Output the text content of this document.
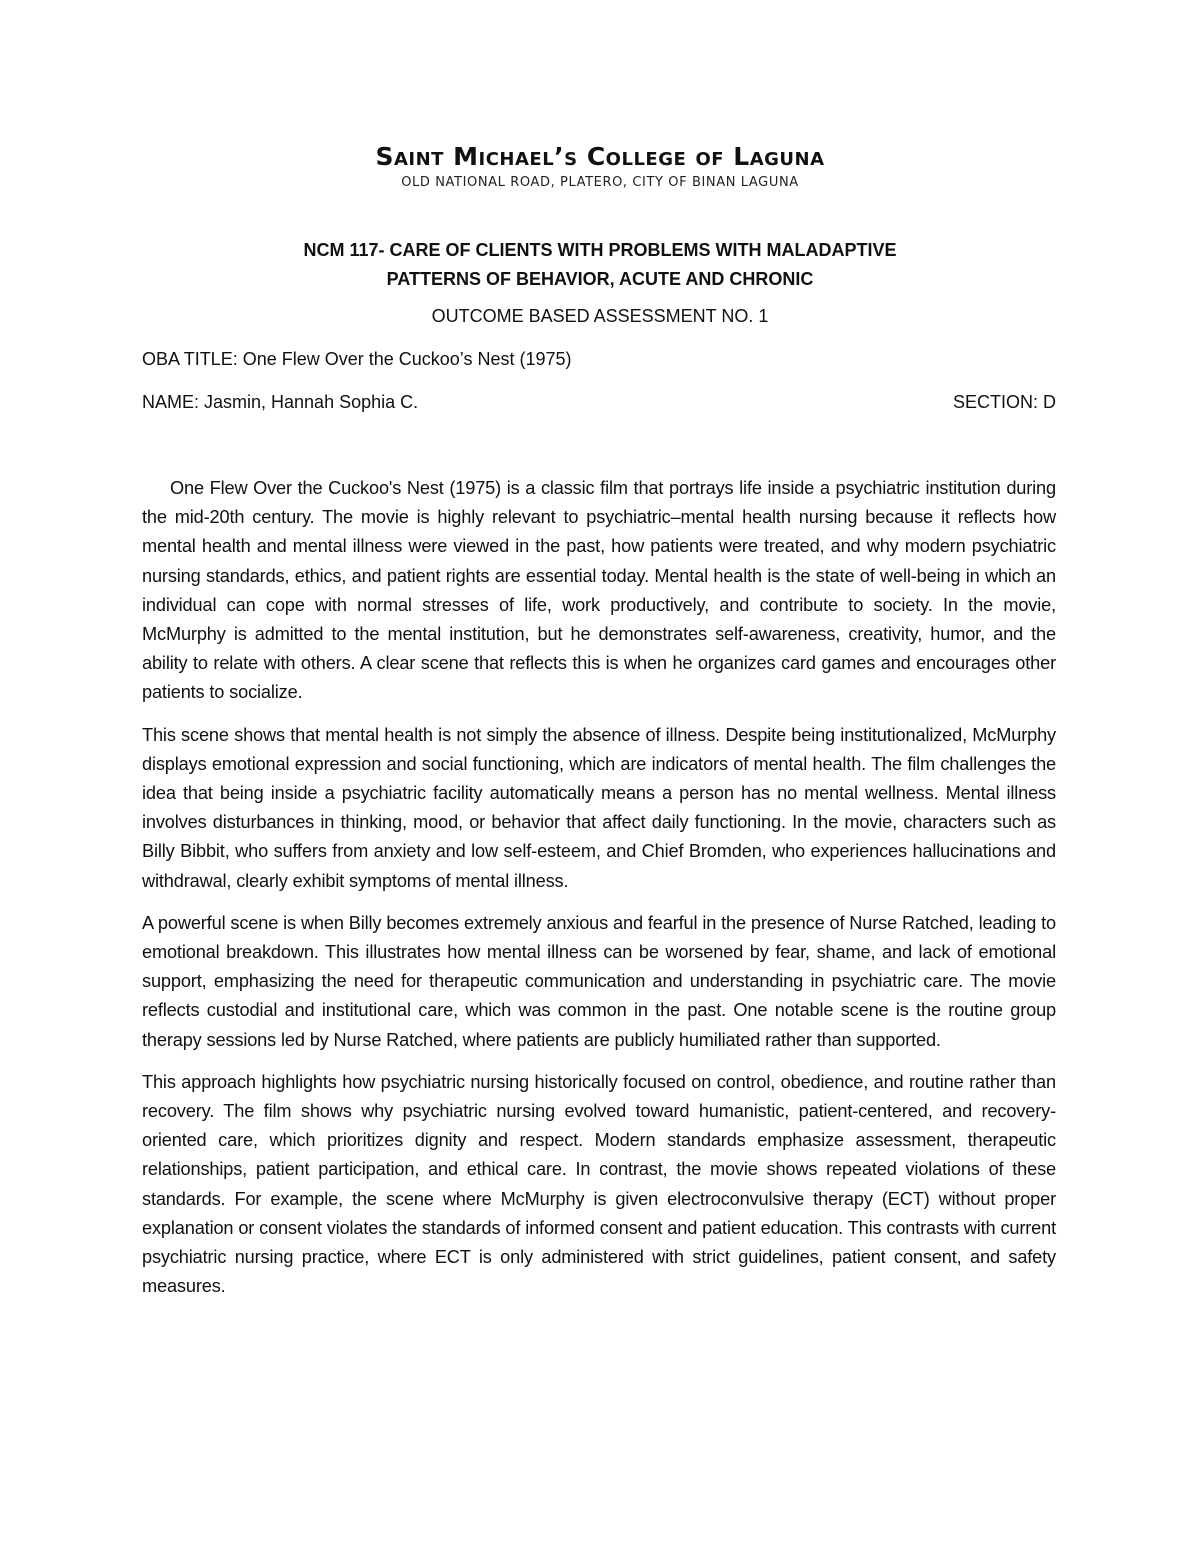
Saint Michael’s College of Laguna
OLD NATIONAL ROAD, PLATERO, CITY OF BINAN LAGUNA
NCM 117- CARE OF CLIENTS WITH PROBLEMS WITH MALADAPTIVE
PATTERNS OF BEHAVIOR, ACUTE AND CHRONIC
OUTCOME BASED ASSESSMENT NO. 1
OBA TITLE: One Flew Over the Cuckoo’s Nest (1975)
NAME: Jasmin, Hannah Sophia C.	SECTION: D

One Flew Over the Cuckoo's Nest (1975) is a classic film that portrays life inside a psychiatric institution during the mid-20th century. The movie is highly relevant to psychiatric–mental health nursing because it reflects how mental health and mental illness were viewed in the past, how patients were treated, and why modern psychiatric nursing standards, ethics, and patient rights are essential today. Mental health is the state of well-being in which an individual can cope with normal stresses of life, work productively, and contribute to society. In the movie, McMurphy is admitted to the mental institution, but he demonstrates self-awareness, creativity, humor, and the ability to relate with others. A clear scene that reflects this is when he organizes card games and encourages other patients to socialize.

This scene shows that mental health is not simply the absence of illness. Despite being institutionalized, McMurphy displays emotional expression and social functioning, which are indicators of mental health. The film challenges the idea that being inside a psychiatric facility automatically means a person has no mental wellness. Mental illness involves disturbances in thinking, mood, or behavior that affect daily functioning. In the movie, characters such as Billy Bibbit, who suffers from anxiety and low self-esteem, and Chief Bromden, who experiences hallucinations and withdrawal, clearly exhibit symptoms of mental illness.

A powerful scene is when Billy becomes extremely anxious and fearful in the presence of Nurse Ratched, leading to emotional breakdown. This illustrates how mental illness can be worsened by fear, shame, and lack of emotional support, emphasizing the need for therapeutic communication and understanding in psychiatric care. The movie reflects custodial and institutional care, which was common in the past. One notable scene is the routine group therapy sessions led by Nurse Ratched, where patients are publicly humiliated rather than supported.

This approach highlights how psychiatric nursing historically focused on control, obedience, and routine rather than recovery. The film shows why psychiatric nursing evolved toward humanistic, patient-centered, and recovery-oriented care, which prioritizes dignity and respect. Modern standards emphasize assessment, therapeutic relationships, patient participation, and ethical care. In contrast, the movie shows repeated violations of these standards. For example, the scene where McMurphy is given electroconvulsive therapy (ECT) without proper explanation or consent violates the standards of informed consent and patient education. This contrasts with current psychiatric nursing practice, where ECT is only administered with strict guidelines, patient consent, and safety measures.
